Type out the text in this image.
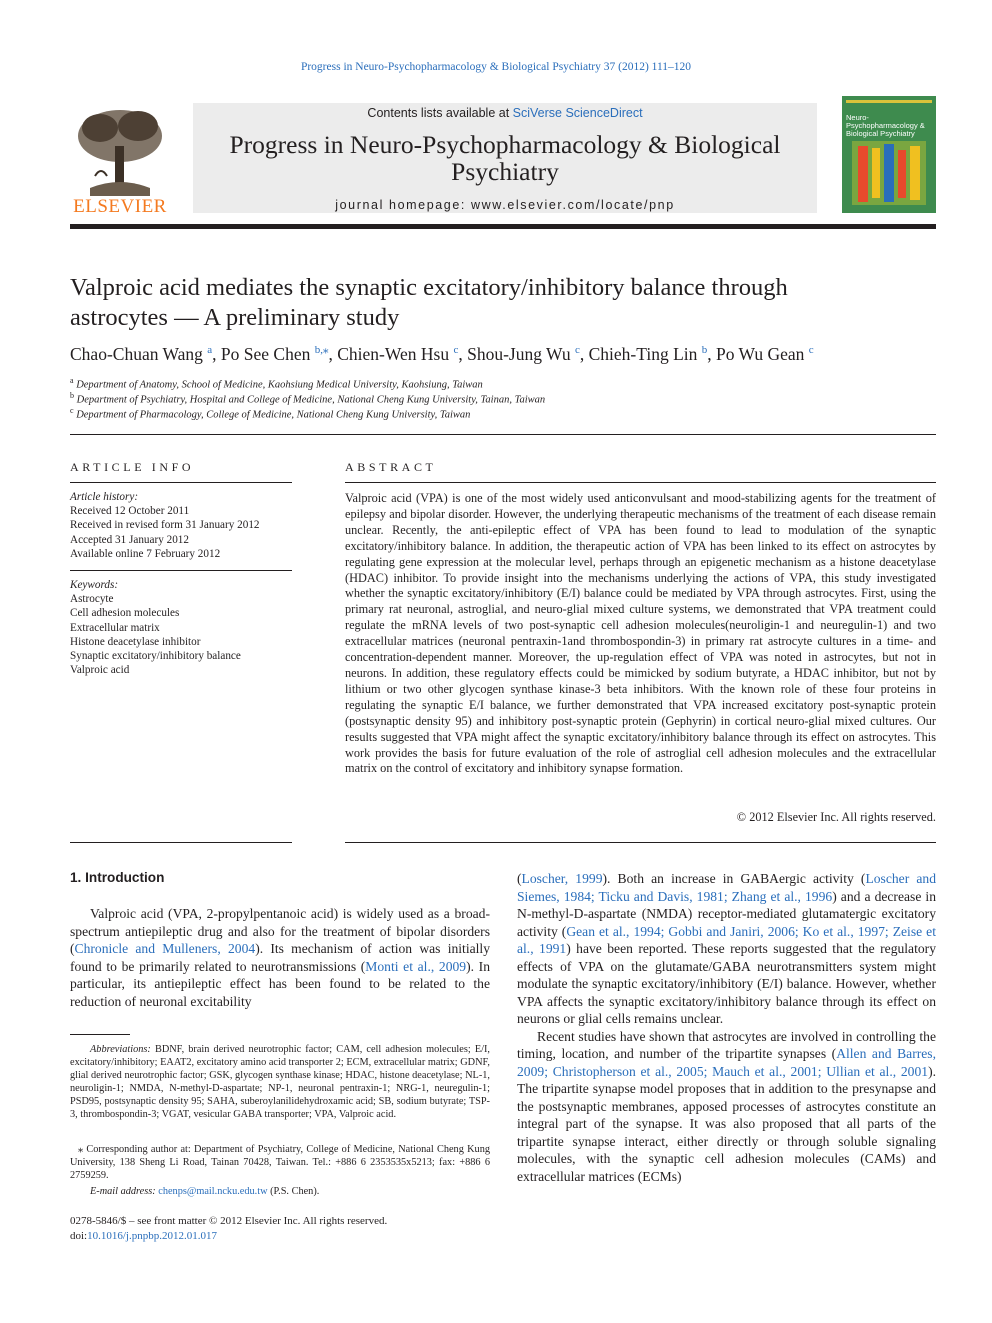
Progress in Neuro-Psychopharmacology & Biological Psychiatry 37 (2012) 111–120
ELSEVIER
Contents lists available at SciVerse ScienceDirect
Progress in Neuro-Psychopharmacology & Biological
Psychiatry
journal homepage: www.elsevier.com/locate/pnp
Neuro-Psychopharmacology & Biological Psychiatry
Valproic acid mediates the synaptic excitatory/inhibitory balance through
astrocytes — A preliminary study
Chao-Chuan Wang $^a$, Po See Chen $^{b,⁎}$, Chien-Wen Hsu $^c$, Shou-Jung Wu $^c$, Chieh-Ting Lin $^b$, Po Wu Gean $^c$
$^a$ Department of Anatomy, School of Medicine, Kaohsiung Medical University, Kaohsiung, Taiwan
$^b$ Department of Psychiatry, Hospital and College of Medicine, National Cheng Kung University, Tainan, Taiwan
$^c$ Department of Pharmacology, College of Medicine, National Cheng Kung University, Taiwan
ARTICLE INFO
Article history:
Received 12 October 2011
Received in revised form 31 January 2012
Accepted 31 January 2012
Available online 7 February 2012
Keywords:
Astrocyte
Cell adhesion molecules
Extracellular matrix
Histone deacetylase inhibitor
Synaptic excitatory/inhibitory balance
Valproic acid
ABSTRACT
Valproic acid (VPA) is one of the most widely used anticonvulsant and mood-stabilizing agents for the treatment of epilepsy and bipolar disorder. However, the underlying therapeutic mechanisms of the treatment of each disease remain unclear. Recently, the anti-epileptic effect of VPA has been found to lead to modulation of the synaptic excitatory/inhibitory balance. In addition, the therapeutic action of VPA has been linked to its effect on astrocytes by regulating gene expression at the molecular level, perhaps through an epigenetic mechanism as a histone deacetylase (HDAC) inhibitor. To provide insight into the mechanisms underlying the actions of VPA, this study investigated whether the synaptic excitatory/inhibitory (E/I) balance could be mediated by VPA through astrocytes. First, using the primary rat neuronal, astroglial, and neuro-glial mixed culture systems, we demonstrated that VPA treatment could regulate the mRNA levels of two post-synaptic cell adhesion molecules(neuroligin-1 and neuregulin-1) and two extracellular matrices (neuronal pentraxin-1and thrombospondin-3) in primary rat astrocyte cultures in a time- and concentration-dependent manner. Moreover, the up-regulation effect of VPA was noted in astrocytes, but not in neurons. In addition, these regulatory effects could be mimicked by sodium butyrate, a HDAC inhibitor, but not by lithium or two other glycogen synthase kinase-3 beta inhibitors. With the known role of these four proteins in regulating the synaptic E/I balance, we further demonstrated that VPA increased excitatory post-synaptic protein (postsynaptic density 95) and inhibitory post-synaptic protein (Gephyrin) in cortical neuro-glial mixed cultures. Our results suggested that VPA might affect the synaptic excitatory/inhibitory balance through its effect on astrocytes. This work provides the basis for future evaluation of the role of astroglial cell adhesion molecules and the extracellular matrix on the control of excitatory and inhibitory synapse formation.
© 2012 Elsevier Inc. All rights reserved.
1. Introduction

Valproic acid (VPA, 2-propylpentanoic acid) is widely used as a broad-spectrum antiepileptic drug and also for the treatment of bipolar disorders (Chronicle and Mulleners, 2004). Its mechanism of action was initially found to be primarily related to neurotransmissions (Monti et al., 2009). In particular, its antiepileptic effect has been found to be related to the reduction of neuronal excitability

Abbreviations: BDNF, brain derived neurotrophic factor; CAM, cell adhesion molecules; E/I, excitatory/inhibitory; EAAT2, excitatory amino acid transporter 2; ECM, extracellular matrix; GDNF, glial derived neurotrophic factor; GSK, glycogen synthase kinase; HDAC, histone deacetylase; NL-1, neuroligin-1; NMDA, N-methyl-D-aspartate; NP-1, neuronal pentraxin-1; NRG-1, neuregulin-1; PSD95, postsynaptic density 95; SAHA, suberoylanilidehydroxamic acid; SB, sodium butyrate; TSP-3, thrombospondin-3; VGAT, vesicular GABA transporter; VPA, Valproic acid.

⁎ Corresponding author at: Department of Psychiatry, College of Medicine, National Cheng Kung University, 138 Sheng Li Road, Tainan 70428, Taiwan. Tel.: +886 6 2353535x5213; fax: +886 6 2759259.

E-mail address: chenps@mail.ncku.edu.tw (P.S. Chen).

0278-5846/$ – see front matter © 2012 Elsevier Inc. All rights reserved.
doi:10.1016/j.pnpbp.2012.01.017

(Loscher, 1999). Both an increase in GABAergic activity (Loscher and Siemes, 1984; Ticku and Davis, 1981; Zhang et al., 1996) and a decrease in N-methyl-D-aspartate (NMDA) receptor-mediated glutamatergic excitatory activity (Gean et al., 1994; Gobbi and Janiri, 2006; Ko et al., 1997; Zeise et al., 1991) have been reported. These reports suggested that the regulatory effects of VPA on the glutamate/GABA neurotransmitters system might modulate the synaptic excitatory/inhibitory (E/I) balance. However, whether VPA affects the synaptic excitatory/inhibitory balance through its effect on neurons or glial cells remains unclear.

Recent studies have shown that astrocytes are involved in controlling the timing, location, and number of the tripartite synapses (Allen and Barres, 2009; Christopherson et al., 2005; Mauch et al., 2001; Ullian et al., 2001). The tripartite synapse model proposes that in addition to the presynapse and the postsynaptic membranes, apposed processes of astrocytes constitute an integral part of the synapse. It was also proposed that all parts of the tripartite synapse interact, either directly or through soluble signaling molecules, with the synaptic cell adhesion molecules (CAMs) and extracellular matrices (ECMs)
